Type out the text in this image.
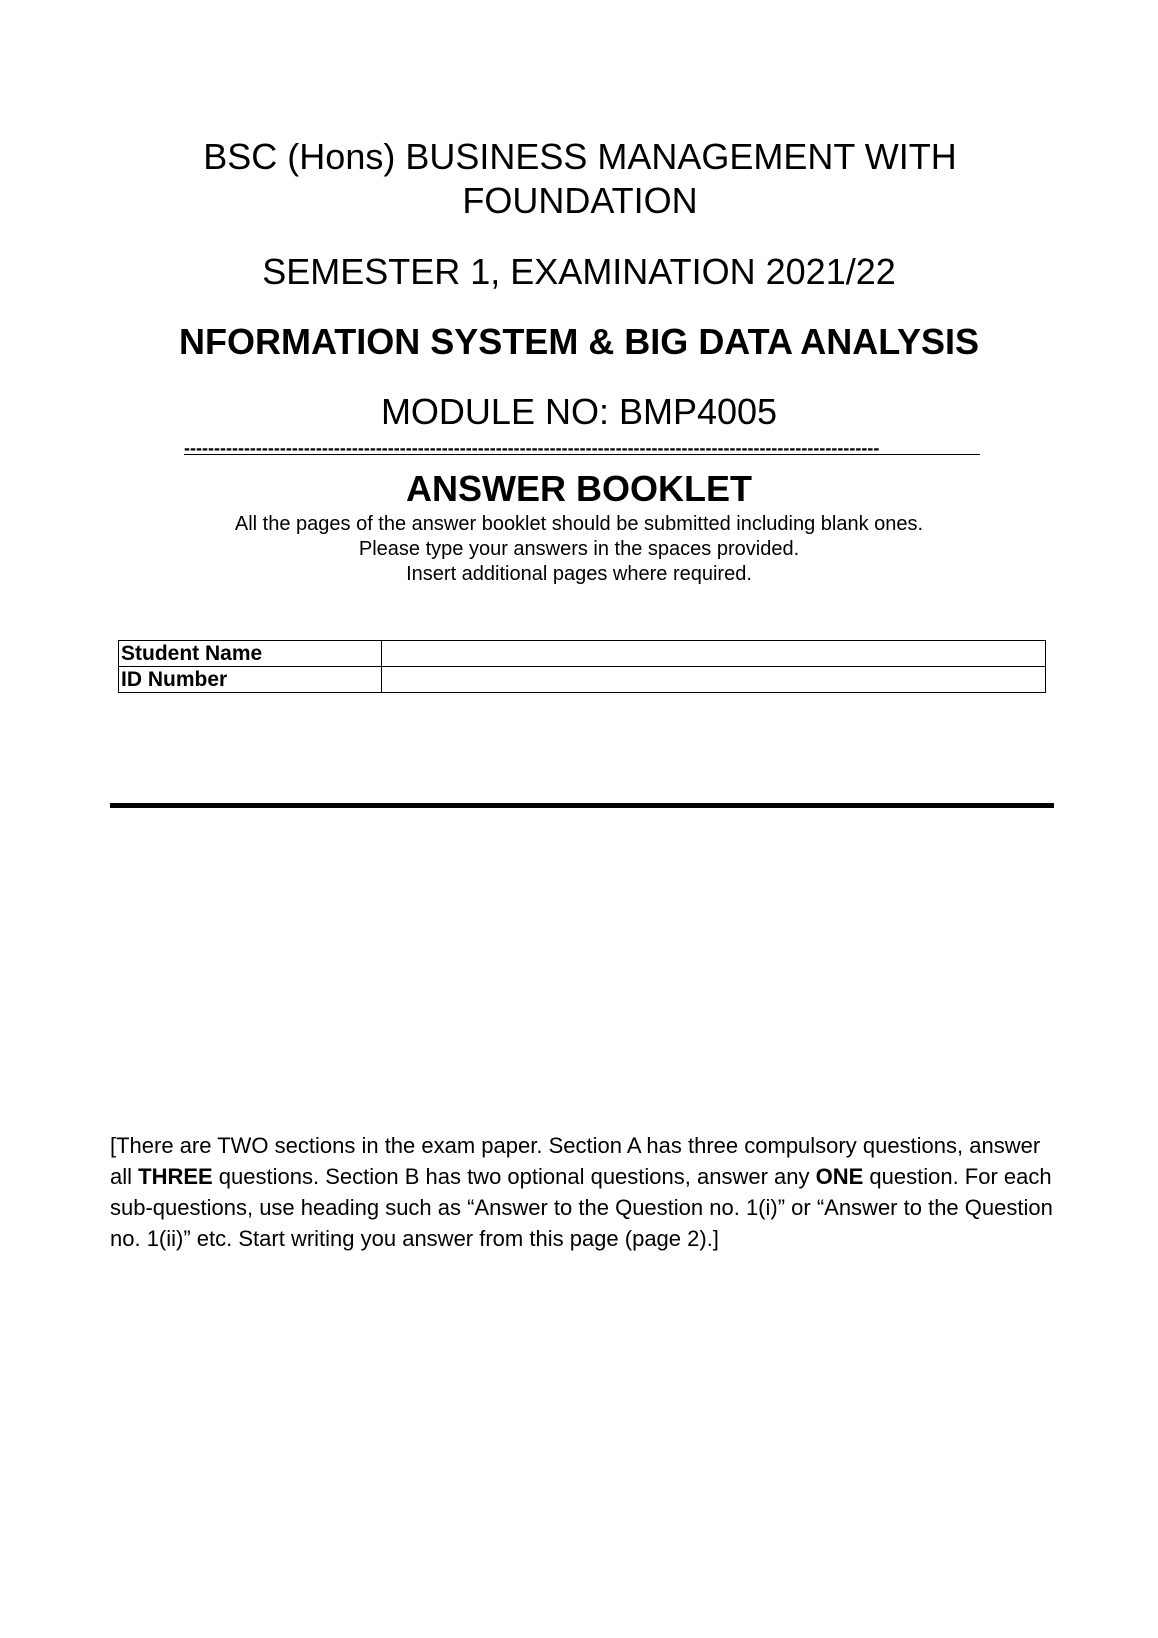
BSC (Hons) BUSINESS MANAGEMENT WITH FOUNDATION
SEMESTER 1, EXAMINATION 2021/22
NFORMATION SYSTEM & BIG DATA ANALYSIS
MODULE NO: BMP4005
--------------------------------------------------------------------------------------------------------------------
ANSWER BOOKLET
All the pages of the answer booklet should be submitted including blank ones.
Please type your answers in the spaces provided.
Insert additional pages where required.
Student Name	
ID Number	
[There are TWO sections in the exam paper. Section A has three compulsory questions, answer all THREE questions. Section B has two optional questions, answer any ONE question. For each sub-questions, use heading such as “Answer to the Question no. 1(i)” or “Answer to the Question no. 1(ii)” etc. Start writing you answer from this page (page 2).]
